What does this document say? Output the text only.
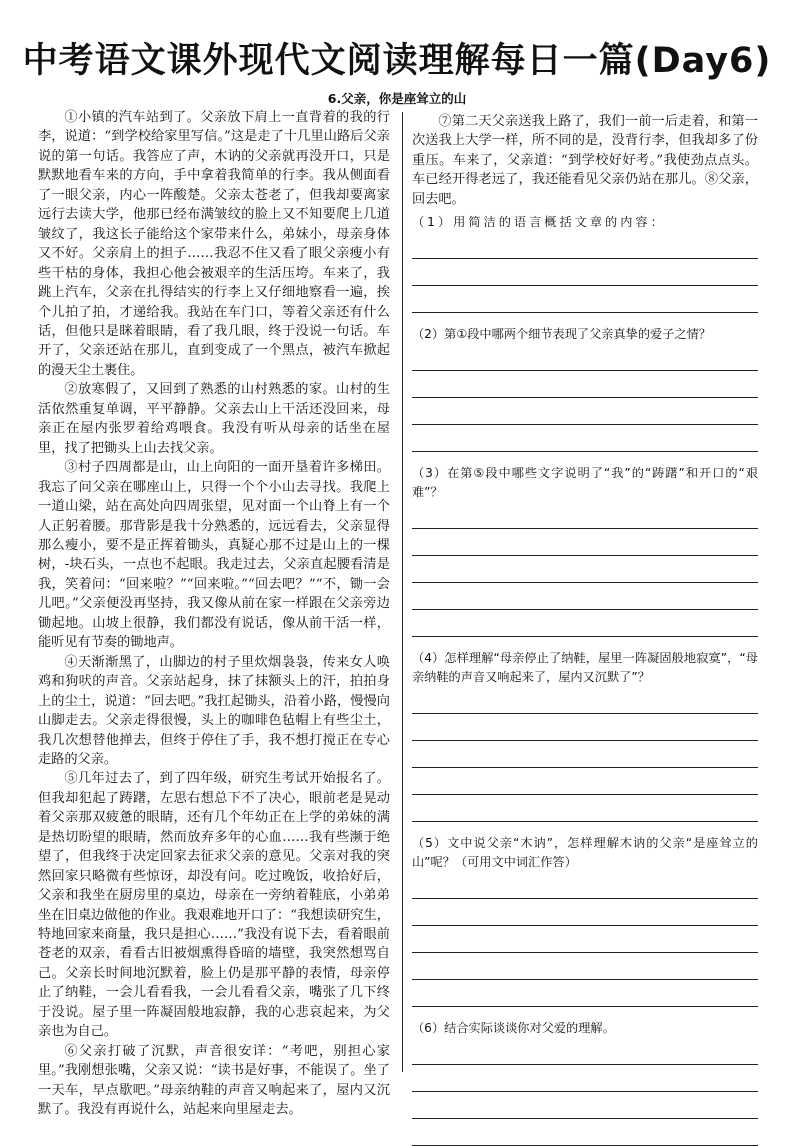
中考语文课外现代文阅读理解每日一篇(Day6)
6.父亲，你是座耸立的山

①小镇的汽车站到了。父亲放下肩上一直背着的我的行李，说道：“到学校给家里写信。”这是走了十几里山路后父亲说的第一句话。我答应了声，木讷的父亲就再没开口，只是默默地看车来的方向，手中拿着我简单的行李。我从侧面看了一眼父亲，内心一阵酸楚。父亲太苍老了，但我却要离家远行去读大学，他那已经布满皱纹的脸上又不知要爬上几道皱纹了，我这长子能给这个家带来什么，弟妹小，母亲身体又不好。父亲肩上的担子……我忍不住又看了眼父亲瘦小有些干枯的身体，我担心他会被艰辛的生活压垮。车来了，我跳上汽车，父亲在扎得结实的行李上又仔细地察看一遍，挨个儿拍了拍，才递给我。我站在车门口，等着父亲还有什么话，但他只是眯着眼睛，看了我几眼，终于没说一句话。车开了，父亲还站在那儿，直到变成了一个黑点，被汽车掀起的漫天尘土裹住。

②放寒假了，又回到了熟悉的山村熟悉的家。山村的生活依然重复单调，平平静静。父亲去山上干活还没回来，母亲正在屋内张罗着给鸡喂食。我没有听从母亲的话坐在屋里，找了把锄头上山去找父亲。

③村子四周都是山，山上向阳的一面开垦着许多梯田。我忘了问父亲在哪座山上，只得一个个小山去寻找。我爬上一道山梁，站在高处向四周张望，见对面一个山脊上有一个人正躬着腰。那背影是我十分熟悉的，远远看去，父亲显得那么瘦小，要不是正挥着锄头，真疑心那不过是山上的一棵树，-块石头，一点也不起眼。我走过去，父亲直起腰看清是我，笑着问：“回来啦？”“回来啦。”“回去吧？”“不，锄一会儿吧。”父亲便没再坚持，我又像从前在家一样跟在父亲旁边锄起地。山坡上很静，我们都没有说话，像从前干活一样，能听见有节奏的锄地声。

④天渐渐黑了，山脚边的村子里炊烟袅袅，传来女人唤鸡和狗吠的声音。父亲站起身，抹了抹额头上的汗，拍拍身上的尘土，说道：“回去吧。”我扛起锄头，沿着小路，慢慢向山脚走去。父亲走得很慢，头上的咖啡色毡帽上有些尘土，我几次想替他掸去，但终于停住了手，我不想打搅正在专心走路的父亲。

⑤几年过去了，到了四年级，研究生考试开始报名了。但我却犯起了踌躇，左思右想总下不了决心，眼前老是晃动着父亲那双疲惫的眼睛，还有几个年幼正在上学的弟妹的满是热切盼望的眼睛，然而放弃多年的心血……我有些濒于绝望了，但我终于决定回家去征求父亲的意见。父亲对我的突然回家只略微有些惊讶，却没有问。吃过晚饭，收拾好后，父亲和我坐在厨房里的桌边，母亲在一旁纳着鞋底，小弟弟坐在旧桌边做他的作业。我艰难地开口了：“我想读研究生，特地回家来商量，我只是担心……”我没有说下去，看着眼前苍老的双亲，看看古旧被烟熏得昏暗的墙壁，我突然想骂自己。父亲长时间地沉默着，脸上仍是那平静的表情，母亲停止了纳鞋，一会儿看看我，一会儿看看父亲，嘴张了几下终于没说。屋子里一阵凝固般地寂静，我的心悲哀起来，为父亲也为自己。

⑥父亲打破了沉默，声音很安详：“考吧，别担心家里。”我刚想张嘴，父亲又说：“读书是好事，不能误了。坐了一天车，早点歇吧。”母亲纳鞋的声音又响起来了，屋内又沉默了。我没有再说什么，站起来向里屋走去。

⑦第二天父亲送我上路了，我们一前一后走着，和第一次送我上大学一样，所不同的是，没背行李，但我却多了份重压。车来了，父亲道：“到学校好好考。”我使劲点点头。车已经开得老远了，我还能看见父亲仍站在那儿。⑧父亲，回去吧。

（1）用简洁的语言概括文章的内容：

（2）第①段中哪两个细节表现了父亲真挚的爱子之情？

（3）在第⑤段中哪些文字说明了“我”的“踌躇”和开口的“艰难”？

（4）怎样理解“母亲停止了纳鞋，屋里一阵凝固般地寂寞”，“母亲纳鞋的声音又响起来了，屋内又沉默了”？

（5）文中说父亲“木讷”，怎样理解木讷的父亲“是座耸立的山”呢？（可用文中词汇作答）

（6）结合实际谈谈你对父爱的理解。
